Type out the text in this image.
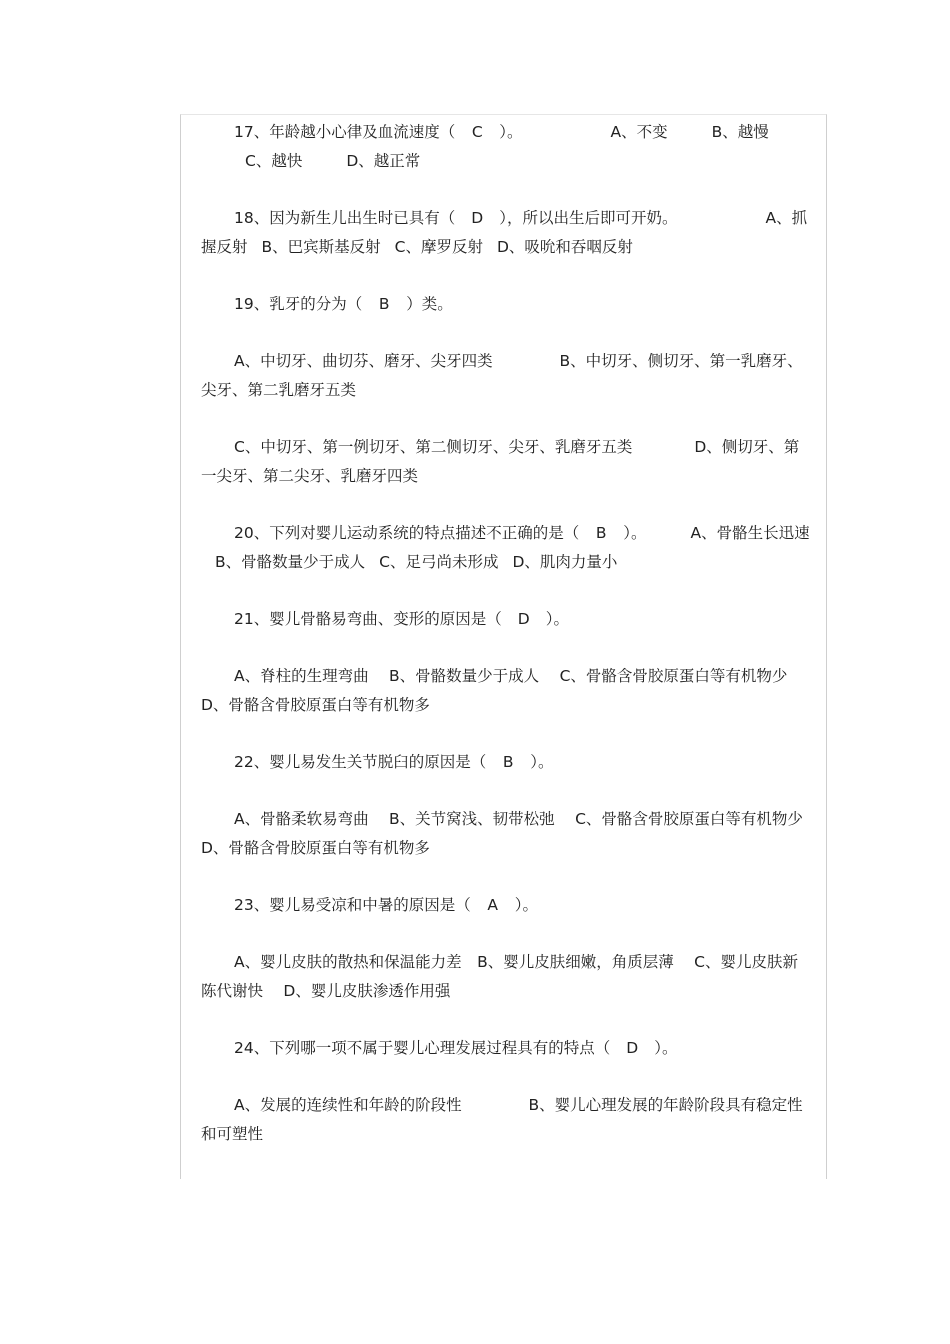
17、年龄越小心律及血流速度（ C ）。	A、不变	B、越慢C、越快	D、越正常

18、因为新生儿出生时已具有（ D ），所以出生后即可开奶。	A、抓握反射 B、巴宾斯基反射 C、摩罗反射 D、吸吮和吞咽反射

19、乳牙的分为（ B ）类。

A、中切牙、曲切芬、磨牙、尖牙四类 　　　　B、中切牙、侧切牙、第一乳磨牙、尖牙、第二乳磨牙五类

C、中切牙、第一例切牙、第二侧切牙、尖牙、乳磨牙五类　　　　D、侧切牙、第一尖牙、第二尖牙、乳磨牙四类

20、下列对婴儿运动系统的特点描述不正确的是（ B ）。	A、骨骼生长迅速B、骨骼数量少于成人 C、足弓尚未形成 D、肌肉力量小

21、婴儿骨骼易弯曲、变形的原因是（ D ）。

A、脊柱的生理弯曲　 B、骨骼数量少于成人　 C、骨骼含骨胶原蛋白等有机物少　D、骨骼含骨胶原蛋白等有机物多

22、婴儿易发生关节脱臼的原因是（ B ）。

A、骨骼柔软易弯曲　 B、关节窝浅、韧带松弛　 C、骨骼含骨胶原蛋白等有机物少　D、骨骼含骨胶原蛋白等有机物多

23、婴儿易受凉和中暑的原因是（ A ）。

A、婴儿皮肤的散热和保温能力差　B、婴儿皮肤细嫩，角质层薄　 C、婴儿皮肤新陈代谢快　 D、婴儿皮肤渗透作用强

24、下列哪一项不属于婴儿心理发展过程具有的特点（ D ）。

A、发展的连续性和年龄的阶段性 　　　　B、婴儿心理发展的年龄阶段具有稳定性和可塑性
